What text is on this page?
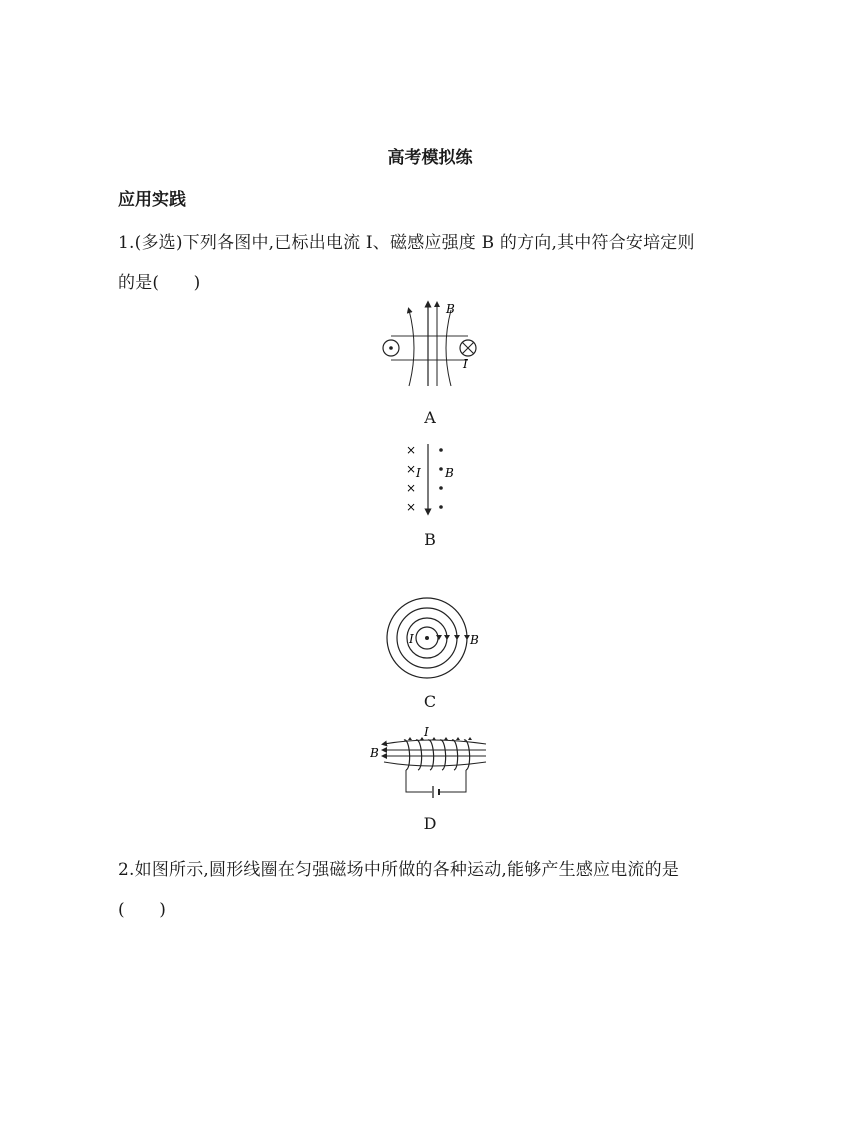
高考模拟练
应用实践
1.(多选)下列各图中,已标出电流 I、磁感应强度 B 的方向,其中符合安培定则
的是(　　)
B
I
A
×
×
×
×
I B
B
I	B
C
I
B
D
2.如图所示,圆形线圈在匀强磁场中所做的各种运动,能够产生感应电流的是
(　　)
